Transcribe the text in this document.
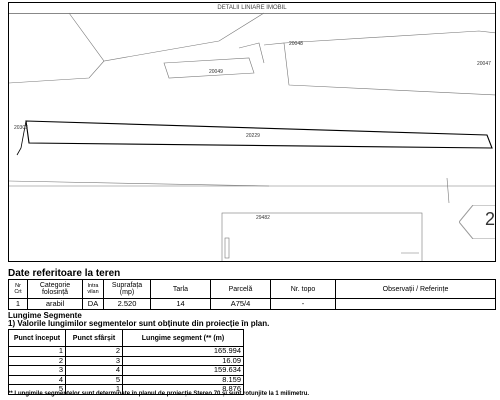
DETALII LINIARE IMOBIL
20048
20047
20049
20229
20303
29482	2
Date referitoare la teren
Nr Crt	Categorie folosință	Intra vilan	Suprafața (mp)	Tarla	Parcelă	Nr. topo	Observații / Referințe
1	arabil	DA	2.520	14	A75/4	-	
Lungime Segmente
1) Valorile lungimilor segmentelor sunt obținute din proiecție în plan.
Punct început	Punct sfârșit	Lungime segment (** (m)
1	2	165.994
2	3	16.09
3	4	159.634
4	5	8.159
5	1	8.876
** Lungimile segmentelor sunt determinate în planul de proiecție Stereo 70 și sunt rotunjite la 1 milimetru.
